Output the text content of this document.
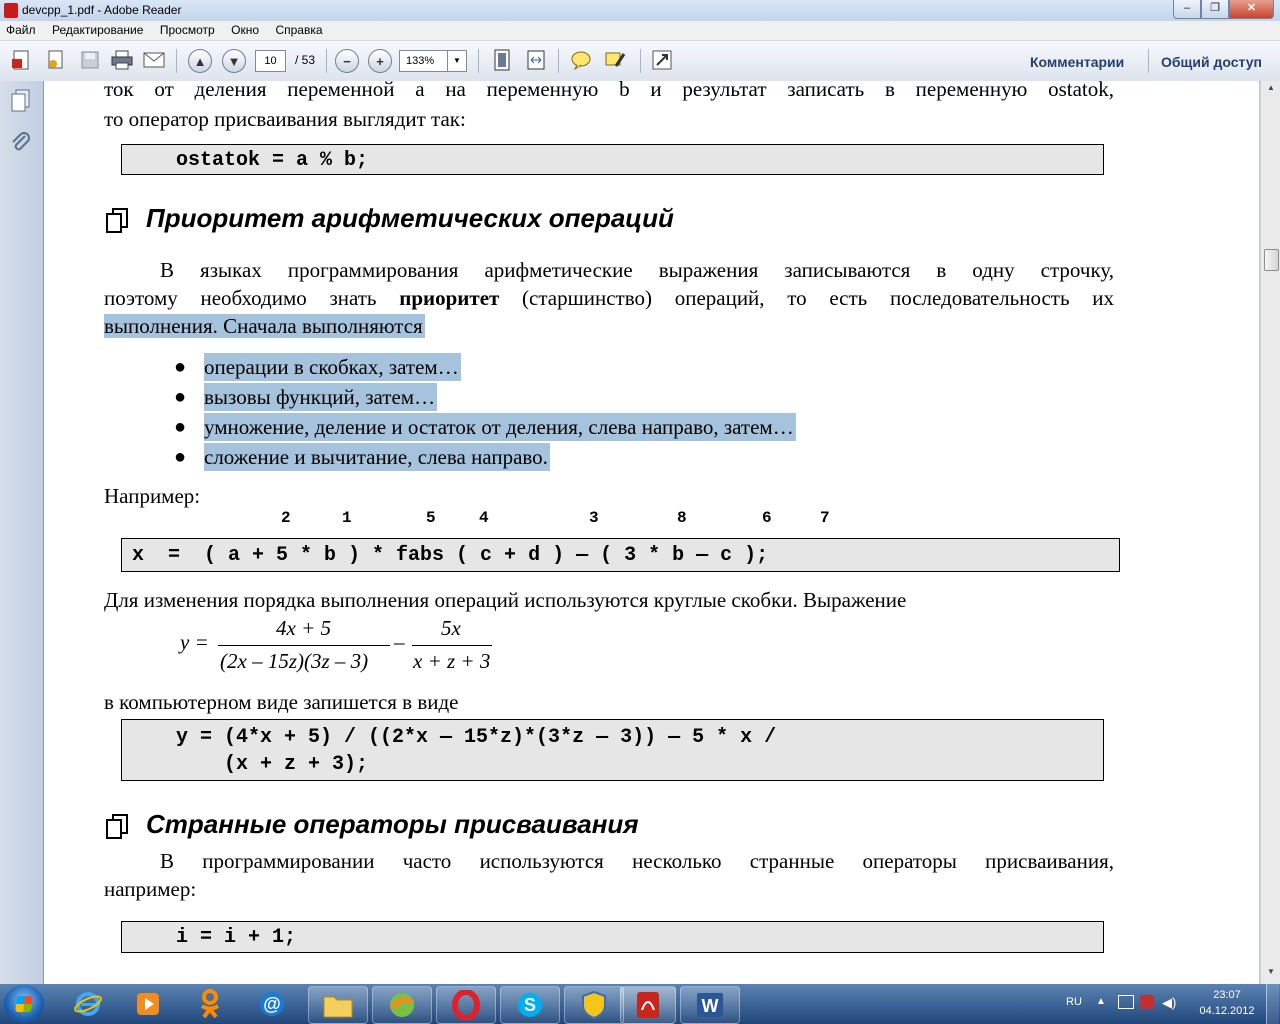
devcpp_1.pdf - Adobe Reader	‒	❐	✕
Файл Редактирование Просмотр Окно Справка
▲	▼	10	/ 53	−	+	133%	▼	Комментарии	Общий доступ
ток от деления переменной a на переменную b и результат записать в переменную ostatok,
то оператор присваивания выглядит так:
ostatok = a % b;
Приоритет арифметических операций
В языках программирования арифметические выражения записываются в одну строчку,
поэтому необходимо знать приоритет (старшинство) операций, то есть последовательность их
выполнения. Сначала выполняются
● операции в скобках, затем…
● вызовы функций, затем…
● умножение, деление и остаток от деления, слева направо, затем…
● сложение и вычитание, слева направо.
Например:
2	1	5	4	3	8	6	7
x  =  ( a + 5 * b ) * fabs ( c + d ) — ( 3 * b — c );
Для изменения порядка выполнения операций используются круглые скобки. Выражение
y =
4x + 5
(2x – 15z)(3z – 3)
–
5x
x + z + 3
в компьютерном виде запишется в виде
y = (4*x + 5) / ((2*x — 15*z)*(3*z — 3)) — 5 * x /
(x + z + 3);
Странные операторы присваивания
В программировании часто используются несколько странные операторы присваивания,
например:
i = i + 1;
▲
▼
@	S	W	RU ▲	◀)	23:07
04.12.2012
